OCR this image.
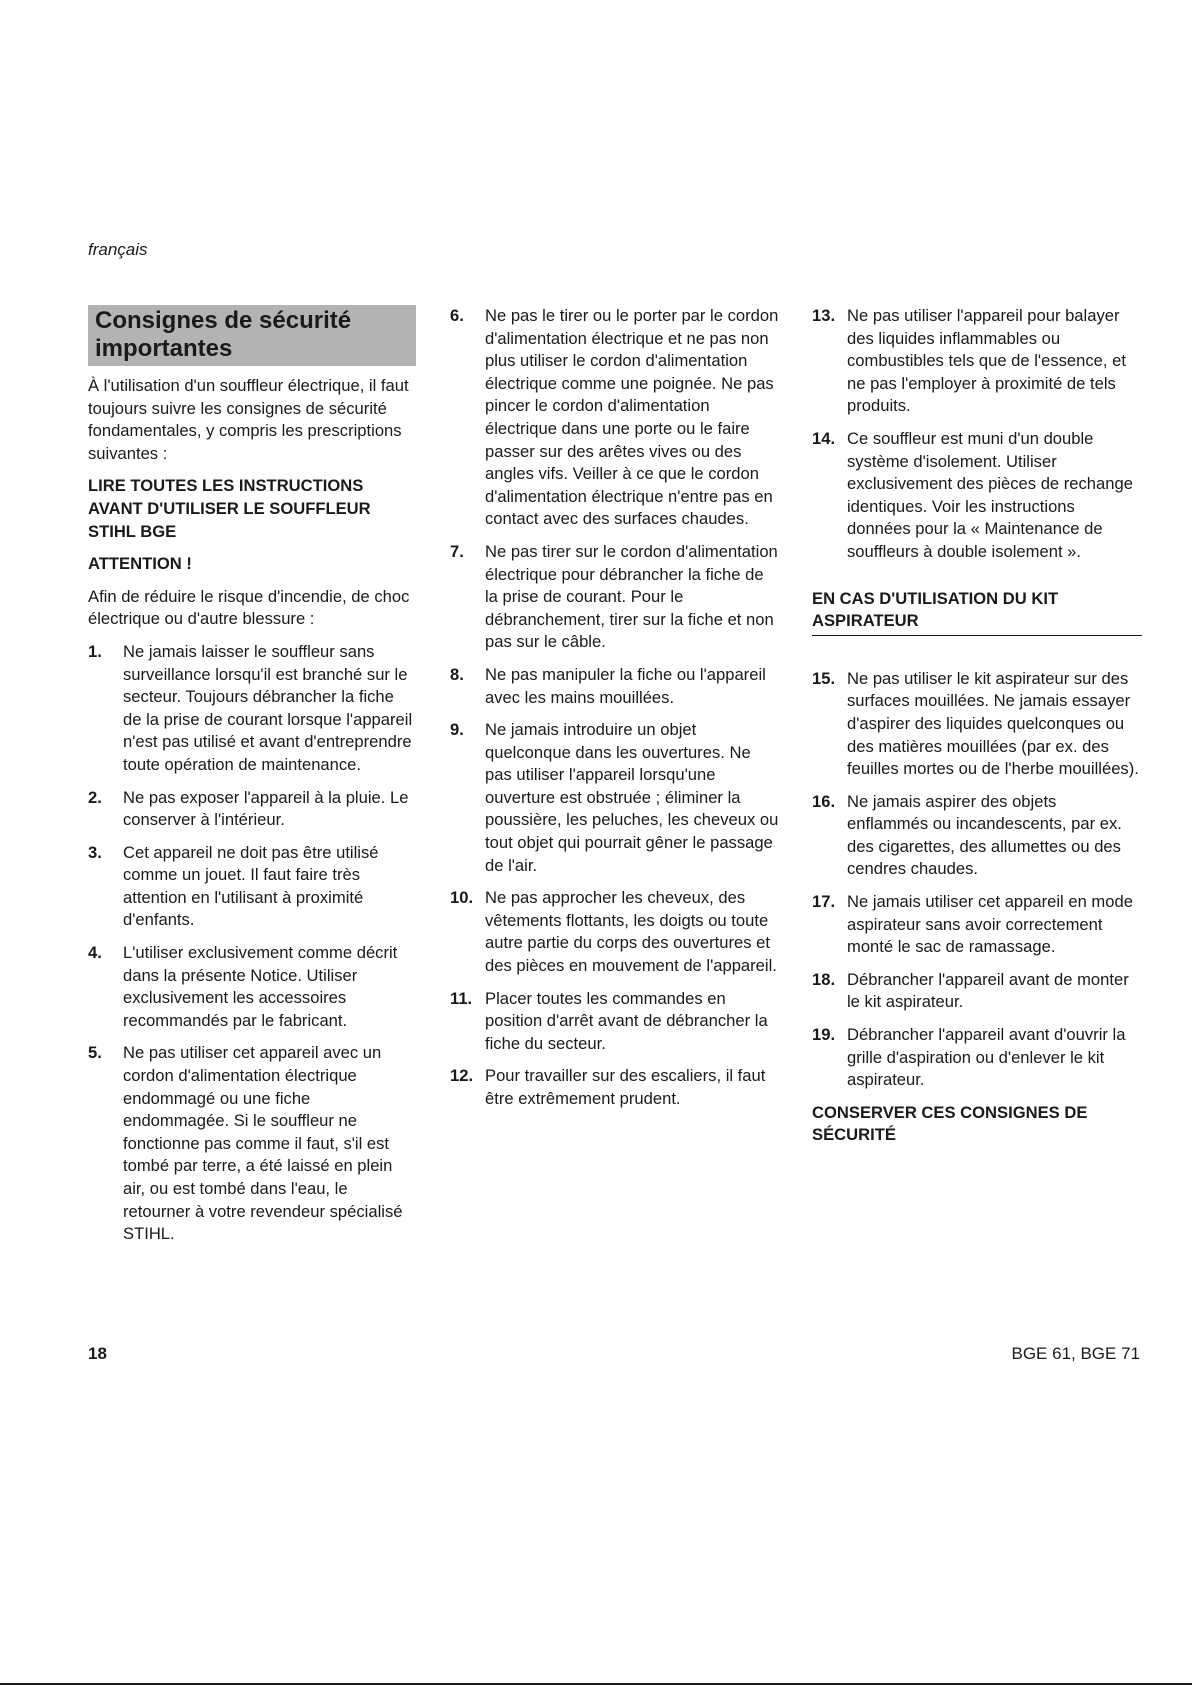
français
Consignes de sécurité
importantes

À l'utilisation d'un souffleur électrique, il faut toujours suivre les consignes de sécurité fondamentales, y compris les prescriptions suivantes :

LIRE TOUTES LES INSTRUCTIONS AVANT D'UTILISER LE SOUFFLEUR STIHL BGE

ATTENTION !

Afin de réduire le risque d'incendie, de choc électrique ou d'autre blessure :

1. Ne jamais laisser le souffleur sans surveillance lorsqu'il est branché sur le secteur. Toujours débrancher la fiche de la prise de courant lorsque l'appareil n'est pas utilisé et avant d'entreprendre toute opération de maintenance.
2. Ne pas exposer l'appareil à la pluie. Le conserver à l'intérieur.
3. Cet appareil ne doit pas être utilisé comme un jouet. Il faut faire très attention en l'utilisant à proximité d'enfants.
4. L'utiliser exclusivement comme décrit dans la présente Notice. Utiliser exclusivement les accessoires recommandés par le fabricant.
5. Ne pas utiliser cet appareil avec un cordon d'alimentation électrique endommagé ou une fiche endommagée. Si le souffleur ne fonctionne pas comme il faut, s'il est tombé par terre, a été laissé en plein air, ou est tombé dans l'eau, le retourner à votre revendeur spécialisé STIHL.
6. Ne pas le tirer ou le porter par le cordon d'alimentation électrique et ne pas non plus utiliser le cordon d'alimentation électrique comme une poignée. Ne pas pincer le cordon d'alimentation électrique dans une porte ou le faire passer sur des arêtes vives ou des angles vifs. Veiller à ce que le cordon d'alimentation électrique n'entre pas en contact avec des surfaces chaudes.
7. Ne pas tirer sur le cordon d'alimentation électrique pour débrancher la fiche de la prise de courant. Pour le débranchement, tirer sur la fiche et non pas sur le câble.
8. Ne pas manipuler la fiche ou l'appareil avec les mains mouillées.
9. Ne jamais introduire un objet quelconque dans les ouvertures. Ne pas utiliser l'appareil lorsqu'une ouverture est obstruée ; éliminer la poussière, les peluches, les cheveux ou tout objet qui pourrait gêner le passage de l'air.
10. Ne pas approcher les cheveux, des vêtements flottants, les doigts ou toute autre partie du corps des ouvertures et des pièces en mouvement de l'appareil.
11. Placer toutes les commandes en position d'arrêt avant de débrancher la fiche du secteur.
12. Pour travailler sur des escaliers, il faut être extrêmement prudent.
13. Ne pas utiliser l'appareil pour balayer des liquides inflammables ou combustibles tels que de l'essence, et ne pas l'employer à proximité de tels produits.
14. Ce souffleur est muni d'un double système d'isolement. Utiliser exclusivement des pièces de rechange identiques. Voir les instructions données pour la « Maintenance de souffleurs à double isolement ».
EN CAS D'UTILISATION DU KIT ASPIRATEUR
15. Ne pas utiliser le kit aspirateur sur des surfaces mouillées. Ne jamais essayer d'aspirer des liquides quelconques ou des matières mouillées (par ex. des feuilles mortes ou de l'herbe mouillées).
16. Ne jamais aspirer des objets enflammés ou incandescents, par ex. des cigarettes, des allumettes ou des cendres chaudes.
17. Ne jamais utiliser cet appareil en mode aspirateur sans avoir correctement monté le sac de ramassage.
18. Débrancher l'appareil avant de monter le kit aspirateur.
19. Débrancher l'appareil avant d'ouvrir la grille d'aspiration ou d'enlever le kit aspirateur.

CONSERVER CES CONSIGNES DE SÉCURITÉ

18	BGE 61, BGE 71
